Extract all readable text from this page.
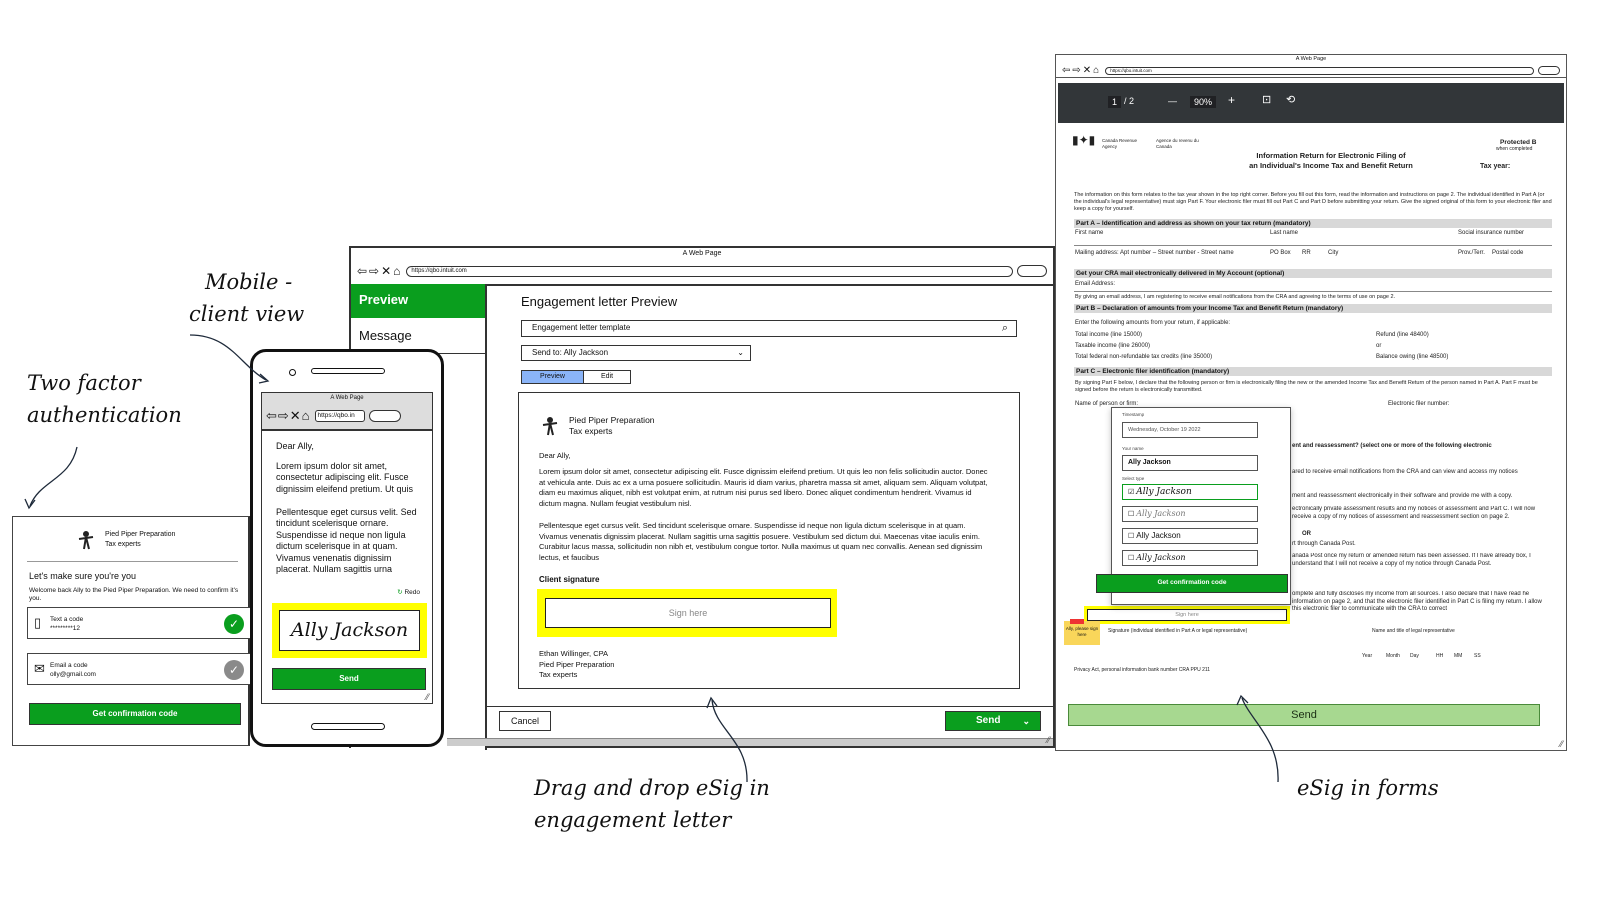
Mobile -
client view
Two factor
authentication
Drag and drop eSig in
engagement letter
eSig in forms
Pied Piper Preparation
Tax experts
Let's make sure you're you
Welcome back Ally to the Pied Piper Preparation. We need to confirm it's you.
▯ Text a code
*********12	✓
✉ Email a code
olly@gmail.com	✓
Get confirmation code
A Web Page
⇦⇨✕⌂	https://qbo.intuit.com
Preview
Message
Engagement letter Preview
Engagement letter template	⌕
Send to: Ally Jackson	⌄
Preview	Edit
Pied Piper Preparation
Tax experts
Dear Ally,
Lorem ipsum dolor sit amet, consectetur adipiscing elit. Fusce dignissim eleifend pretium. Ut quis leo non felis sollicitudin auctor. Donec at vehicula ante. Duis ac ex a urna posuere sollicitudin. Mauris id diam varius, pharetra massa sit amet, aliquam sem. Aliquam volutpat, diam eu maximus aliquet, nibh est volutpat enim, at rutrum nisi purus sed libero. Donec aliquet condimentum hendrerit. Vivamus id dictum magna. Nullam feugiat vestibulum nisl.
Pellentesque eget cursus velit. Sed tincidunt scelerisque ornare. Suspendisse id neque non ligula dictum scelerisque in at quam. Vivamus venenatis dignissim placerat. Nullam sagittis urna sagittis posuere. Vestibulum sed dictum dui. Maecenas vitae iaculis enim. Curabitur lacus massa, sollicitudin non nibh et, vestibulum congue tortor. Nulla maximus ut quam nec convallis. Aenean sed dignissim lectus, et faucibus
Client signature
Sign here
Ethan Willinger, CPA
Pied Piper Preparation
Tax experts
Cancel	Send ⌄
⁄⁄
A Web Page
⇦⇨✕⌂	https://qbo.in
Dear Ally,
Lorem ipsum dolor sit amet, consectetur adipiscing elit. Fusce dignissim eleifend pretium. Ut quis
Pellentesque eget cursus velit. Sed tincidunt scelerisque ornare. Suspendisse id neque non ligula dictum scelerisque in at quam. Vivamus venenatis dignissim placerat. Nullam sagittis urna
↻ Redo
Ally Jackson
Send
⁄⁄
A Web Page
⇦⇨✕⌂	https://qbo.intuit.com
1 / 2	—	90%	+ ⊡ ⟲
▮✦▮ Canada Revenue Agency
Agence du revenu du Canada
Information Return for Electronic Filing of
an Individual's Income Tax and Benefit Return
Protected B
when completed
Tax year:
The information on this form relates to the tax year shown in the top right corner. Before you fill out this form, read the information and instructions on page 2. The individual identified in Part A (or the individual's legal representative) must sign Part F. Your electronic filer must fill out Part C and Part D before submitting your return. Give the signed original of this form to your electronic filer and keep a copy for yourself.
Part A – Identification and address as shown on your tax return (mandatory)
First name	Last name	Social insurance number
Mailing address: Apt number – Street number - Street name	PO Box RR	City	Prov./Terr. Postal code
Get your CRA mail electronically delivered in My Account (optional)
Email Address:
By giving an email address, I am registering to receive email notifications from the CRA and agreeing to the terms of use on page 2.
Part B – Declaration of amounts from your Income Tax and Benefit Return (mandatory)
Enter the following amounts from your return, if applicable:
Total income (line 15000)	Refund (line 48400)
Taxable income (line 26000)	or
Total federal non-refundable tax credits (line 35000)	Balance owing (line 48500)
Part C – Electronic filer identification (mandatory)
By signing Part F below, I declare that the following person or firm is electronically filing the new or the amended Income Tax and Benefit Return of the person named in Part A. Part F must be signed before the return is electronically transmitted.
Name of person or firm:	Electronic filer number:
ent and reassessment? (select one or more of the following electronic
ared to receive email notifications from the CRA and can view and access my notices
ment and reassessment electronically in their software and provide me with a copy.
ectronically private assessment results and my notices of assessment and Part C. I will now receive a copy of my notices of assessment and reassessment section on page 2.
OR
rt through Canada Post.
anada Post once my return or amended return has been assessed. If I have already box, I understand that I will not receive a copy of my notice through Canada Post.
omplete and fully discloses my income from all sources. I also declare that I have read he information on page 2, and that the electronic filer identified in Part C is filing my return. I allow this electronic filer to communicate with the CRA to correct
Sign here
Signature (individual identified in Part A or legal representative)	Name and title of legal representative
Year	Month Day	HH MM SS
Privacy Act, personal information bank number CRA PPU 211
Ally, please sign here
Timestamp
Wednesday, October 19 2022
Your name
Ally Jackson
Select type
☑ Ally Jackson
☐ Ally Jackson
☐ Ally Jackson
☐ Ally Jackson
Get confirmation code
Send
⁄⁄
